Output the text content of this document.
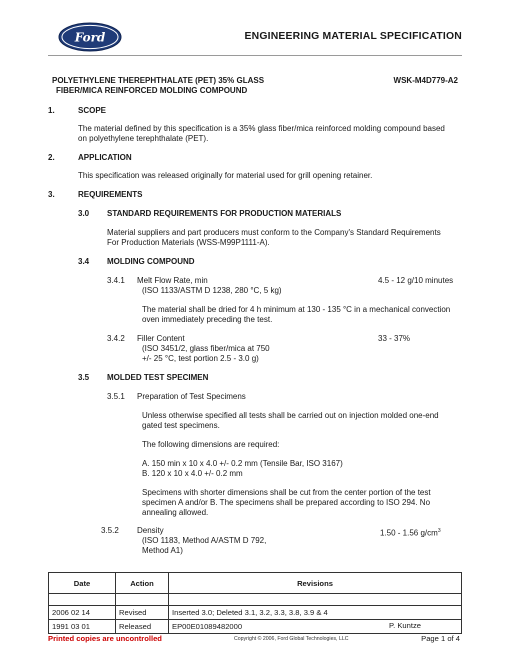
Ford	ENGINEERING MATERIAL SPECIFICATION
POLYETHYLENE THEREPHTHALATE (PET) 35% GLASS
FIBER/MICA REINFORCED MOLDING COMPOUND
WSK-M4D779-A2
1.	SCOPE
The material defined by this specification is a 35% glass fiber/mica reinforced molding compound based
on polyethylene terephthalate (PET).
2.	APPLICATION
This specification was released originally for material used for grill opening retainer.
3.	REQUIREMENTS
3.0 STANDARD REQUIREMENTS FOR PRODUCTION MATERIALS
Material suppliers and part producers must conform to the Company's Standard Requirements
For Production Materials (WSS-M99P1111-A).
3.4 MOLDING COMPOUND
3.4.1 Melt Flow Rate, min	4.5 - 12 g/10 minutes
(ISO 1133/ASTM D 1238, 280 °C, 5 kg)
The material shall be dried for 4 h minimum at 130 - 135 °C in a mechanical convection
oven immediately preceding the test.
3.4.2 Filler Content	33 - 37%
(ISO 3451/2, glass fiber/mica at 750
+/- 25 °C, test portion 2.5 - 3.0 g)
3.5 MOLDED TEST SPECIMEN
3.5.1 Preparation of Test Specimens
Unless otherwise specified all tests shall be carried out on injection molded one-end
gated test specimens.
The following dimensions are required:
A. 150 min x 10 x 4.0 +/- 0.2 mm (Tensile Bar, ISO 3167)
B. 120 x 10 x 4.0 +/- 0.2 mm
Specimens with shorter dimensions shall be cut from the center portion of the test
specimen A and/or B. The specimens shall be prepared according to ISO 294. No
annealing allowed.
3.5.2 Density	1.50 - 1.56 $g/cm^3$
(ISO 1183, Method A/ASTM D 792,
Method A1)
Date	Action	Revisions

2006 02 14	Revised	Inserted 3.0; Deleted 3.1, 3.2, 3.3, 3.8, 3.9 & 4
1991 03 01	Released	EP00E01089482000 P. Kuntze
Printed copies are uncontrolled	Copyright © 2006, Ford Global Technologies, LLC	Page 1 of 4
